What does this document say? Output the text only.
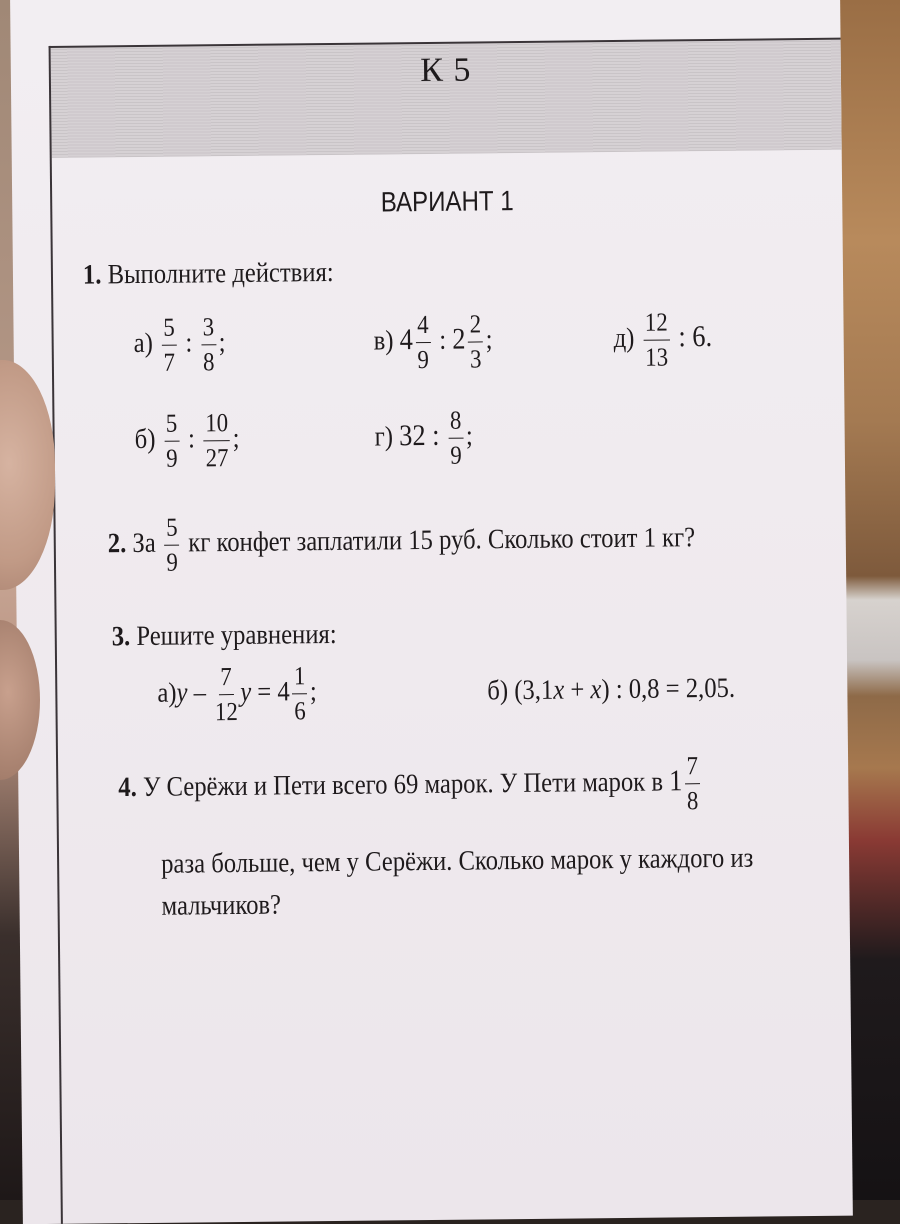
К 5
ВАРИАНТ 1
1. Выполните действия:
$а) \frac{5}{7}$ : $\frac{3}{8}$ ;	в) $4 \frac{4}{9}$ : $2 \frac{2}{3}$ ;	$д) \frac{12}{13}$ : 6.
$б) \frac{5}{9}$ : $\frac{10}{27}$ ;	г) 32 : $\frac{8}{9}$ ;
2. За $\frac{5}{9}$ кг конфет заплатили 15 руб. Сколько стоит 1 кг?
3. Решите уравнения:
$а)y - \frac{7}{12}$ $y = 4 \frac{1}{6}$ ;	б) (3,1x + x) : 0,8 = 2,05.
4. У Серёжи и Пети всего 69 марок. У Пети марок в $1 \frac{7}{8}$
раза больше, чем у Серёжи. Сколько марок у каждого из
мальчиков?
